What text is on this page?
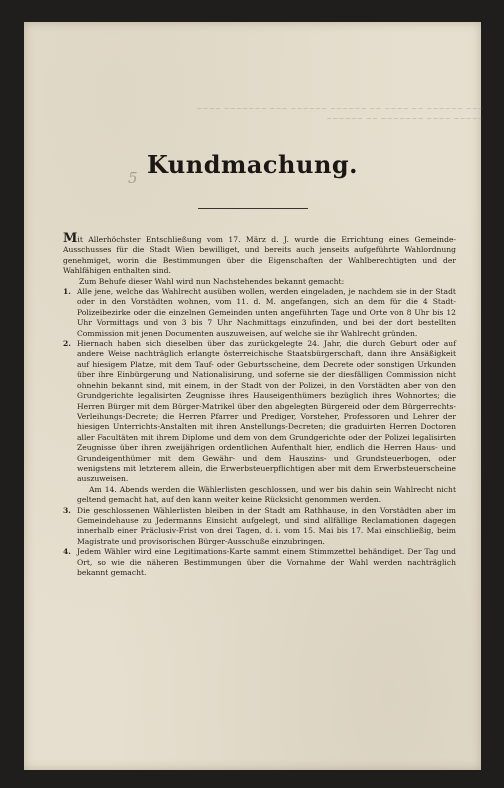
~~~ ~~~~~~ ~~ ~~~~ ~~ ~~~~~~ ~~~~~~ ~~~ ~~~~~~~ ~~~~
~~~~~ ~~~~ ~~~~~~~ ~~ ~~~~~~
5 Kundmachung.

Mit Allerhöchster Entschließung vom 17. März d. J. wurde die Errichtung eines Gemeinde-Ausschusses für die Stadt Wien bewilliget, und bereits auch jenseits aufgeführte Wahlordnung genehmiget, worin die Bestimmungen über die Eigenschaften der Wahlberechtigten und der Wahlfähigen enthalten sind.

Zum Behufe dieser Wahl wird nun Nachstehendes bekannt gemacht:

1. Alle jene, welche das Wahlrecht ausüben wollen, werden eingeladen, je nachdem sie in der Stadt oder in den Vorstädten wohnen, vom 11. d. M. angefangen, sich an dem für die 4 Stadt-Polizeibezirke oder die einzelnen Gemeinden unten angeführten Tage und Orte von 8 Uhr bis 12 Uhr Vormittags und von 3 bis 7 Uhr Nachmittags einzufinden, und bei der dort bestellten Commission mit jenen Documenten auszuweisen, auf welche sie ihr Wahlrecht gründen.
2. Hiernach haben sich dieselben über das zurückgelegte 24. Jahr, die durch Geburt oder auf andere Weise nachträglich erlangte österreichische Staatsbürgerschaft, dann ihre Ansäßigkeit auf hiesigem Platze, mit dem Tauf- oder Geburtsscheine, dem Decrete oder sonstigen Urkunden über ihre Einbürgerung und Nationalisirung, und soferne sie der diesfälligen Commission nicht ohnehin bekannt sind, mit einem, in der Stadt von der Polizei, in den Vorstädten aber von den Grundgerichte legalisirten Zeugnisse ihres Hauseigenthümers bezüglich ihres Wohnortes; die Herren Bürger mit dem Bürger-Matrikel über den abgelegten Bürgereid oder dem Bürgerrechts-Verleihungs-Decrete; die Herren Pfarrer und Prediger, Vorsteher, Professoren und Lehrer der hiesigen Unterrichts-Anstalten mit ihren Anstellungs-Decreten; die graduirten Herren Doctoren aller Facultäten mit ihrem Diplome und dem von dem Grundgerichte oder der Polizei legalisirten Zeugnisse über ihren zweijährigen ordentlichen Aufenthalt hier, endlich die Herren Haus- und Grundeigenthümer mit dem Gewähr- und dem Hauszins- und Grundsteuerbogen, oder wenigstens mit letzterem allein, die Erwerbsteuerpflichtigen aber mit dem Erwerbsteuerscheine auszuweisen.

Am 14. Abends werden die Wählerlisten geschlossen, und wer bis dahin sein Wahlrecht nicht geltend gemacht hat, auf den kann weiter keine Rücksicht genommen werden.

3. Die geschlossenen Wählerlisten bleiben in der Stadt am Rathhause, in den Vorstädten aber im Gemeindehause zu Jedermanns Einsicht aufgelegt, und sind allfällige Reclamationen dagegen innerhalb einer Präclusiv-Frist von drei Tagen, d. i. vom 15. Mai bis 17. Mai einschließig, beim Magistrate und provisorischen Bürger-Ausschuße einzubringen.
4. Jedem Wähler wird eine Legitimations-Karte sammt einem Stimmzettel behändiget. Der Tag und Ort, so wie die näheren Bestimmungen über die Vornahme der Wahl werden nachträglich bekannt gemacht.
